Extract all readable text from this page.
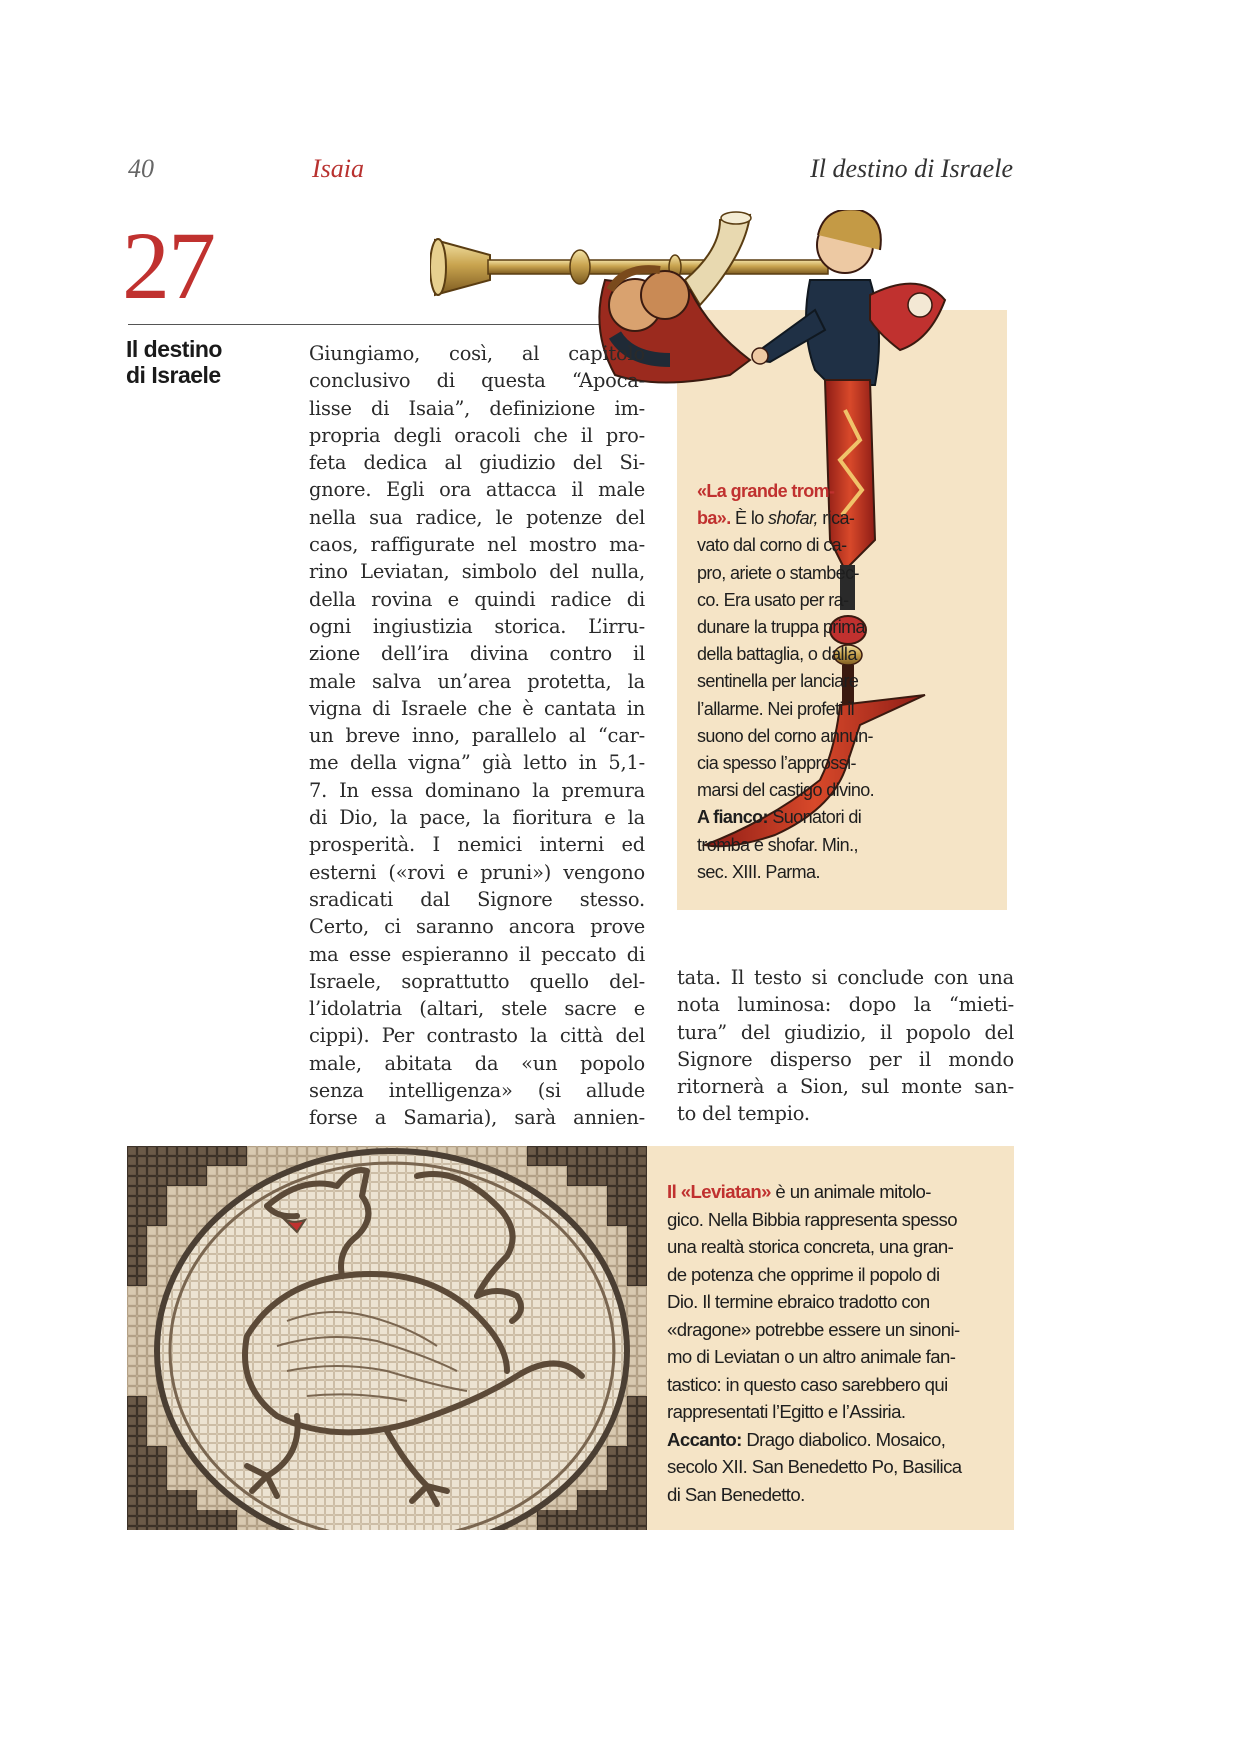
40	Isaia	Il destino di Israele
27
Il destino
di Israele
Giungiamo, così, al capitolo
conclusivo di questa “Apoca-
lisse di Isaia”, definizione im-
propria degli oracoli che il pro-
feta dedica al giudizio del Si-
gnore. Egli ora attacca il male
nella sua radice, le potenze del
caos, raffigurate nel mostro ma-
rino Leviatan, simbolo del nulla,
della rovina e quindi radice di
ogni ingiustizia storica. L’irru-
zione dell’ira divina contro il
male salva un’area protetta, la
vigna di Israele che è cantata in
un breve inno, parallelo al “car-
me della vigna” già letto in 5,1-
7. In essa dominano la premura
di Dio, la pace, la fioritura e la
prosperità. I nemici interni ed
esterni («rovi e pruni») vengono
sradicati dal Signore stesso.
Certo, ci saranno ancora prove
ma esse espieranno il peccato di
Israele, soprattutto quello del-
l’idolatria (altari, stele sacre e
cippi). Per contrasto la città del
male, abitata da «un popolo
senza intelligenza» (si allude
forse a Samaria), sarà annien-
«La grande trom-
ba». È lo shofar, rica-
vato dal corno di ca-
pro, ariete o stambec-
co. Era usato per ra-
dunare la truppa prima
della battaglia, o dalla
sentinella per lanciare
l’allarme. Nei profeti il
suono del corno annun-
cia spesso l’approssi-
marsi del castigo divino.
A fianco: Suonatori di
tromba e shofar. Min.,
sec. XIII. Parma.
tata. Il testo si conclude con una
nota luminosa: dopo la “mieti-
tura” del giudizio, il popolo del
Signore disperso per il mondo
ritornerà a Sion, sul monte san-
to del tempio.
Il «Leviatan» è un animale mitolo-
gico. Nella Bibbia rappresenta spesso
una realtà storica concreta, una gran-
de potenza che opprime il popolo di
Dio. Il termine ebraico tradotto con
«dragone» potrebbe essere un sinoni-
mo di Leviatan o un altro animale fan-
tastico: in questo caso sarebbero qui
rappresentati l’Egitto e l’Assiria.
Accanto: Drago diabolico. Mosaico,
secolo XII. San Benedetto Po, Basilica
di San Benedetto.
